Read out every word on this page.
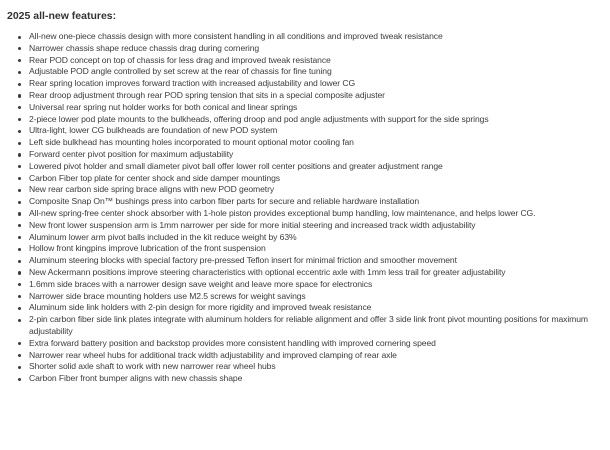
2025 all-new features:
All-new one-piece chassis design with more consistent handling in all conditions and improved tweak resistance
Narrower chassis shape reduce chassis drag during cornering
Rear POD concept on top of chassis for less drag and improved tweak resistance
Adjustable POD angle controlled by set screw at the rear of chassis for fine tuning
Rear spring location improves forward traction with increased adjustability and lower CG
Rear droop adjustment through rear POD spring tension that sits in a special composite adjuster
Universal rear spring nut holder works for both conical and linear springs
2-piece lower pod plate mounts to the bulkheads, offering droop and pod angle adjustments with support for the side springs
Ultra-light, lower CG bulkheads are foundation of new POD system
Left side bulkhead has mounting holes incorporated to mount optional motor cooling fan
Forward center pivot position for maximum adjustability
Lowered pivot holder and small diameter pivot ball offer lower roll center positions and greater adjustment range
Carbon Fiber top plate for center shock and side damper mountings
New rear carbon side spring brace aligns with new POD geometry
Composite Snap On™ bushings press into carbon fiber parts for secure and reliable hardware installation
All-new spring-free center shock absorber with 1-hole piston provides exceptional bump handling, low maintenance, and helps lower CG.
New front lower suspension arm is 1mm narrower per side for more initial steering and increased track width adjustability
Aluminum lower arm pivot balls included in the kit reduce weight by 63%
Hollow front kingpins improve lubrication of the front suspension
Aluminum steering blocks with special factory pre-pressed Teflon insert for minimal friction and smoother movement
New Ackermann positions improve steering characteristics with optional eccentric axle with 1mm less trail for greater adjustability
1.6mm side braces with a narrower design save weight and leave more space for electronics
Narrower side brace mounting holders use M2.5 screws for weight savings
Aluminum side link holders with 2-pin design for more rigidity and improved tweak resistance
2-pin carbon fiber side link plates integrate with aluminum holders for reliable alignment and offer 3 side link front pivot mounting positions for maximum adjustability
Extra forward battery position and backstop provides more consistent handling with improved cornering speed
Narrower rear wheel hubs for additional track width adjustability and improved clamping of rear axle
Shorter solid axle shaft to work with new narrower rear wheel hubs
Carbon Fiber front bumper aligns with new chassis shape
